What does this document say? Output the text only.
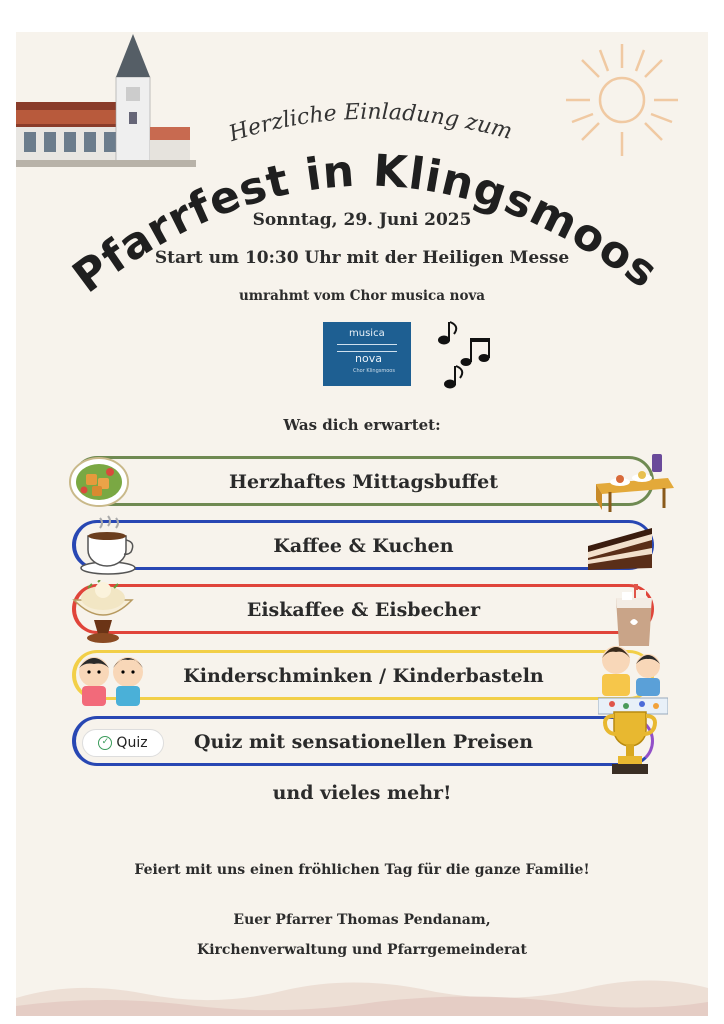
Herzliche Einladung zum
Pfarrfest in Klingsmoos
Sonntag, 29. Juni 2025
Start um 10:30 Uhr mit der Heiligen Messe
umrahmt vom Chor musica nova
musica
nova
Chor Klingsmoos
Was dich erwartet:
Herzhaftes Mittagsbuffet
Kaffee & Kuchen
Eiskaffee & Eisbecher
Kinderschminken / Kinderbasteln
Quiz mit sensationellen Preisen
✓ Quiz
und vieles mehr!
Feiert mit uns einen fröhlichen Tag für die ganze Familie!
Euer Pfarrer Thomas Pendanam,
Kirchenverwaltung und Pfarrgemeinderat
